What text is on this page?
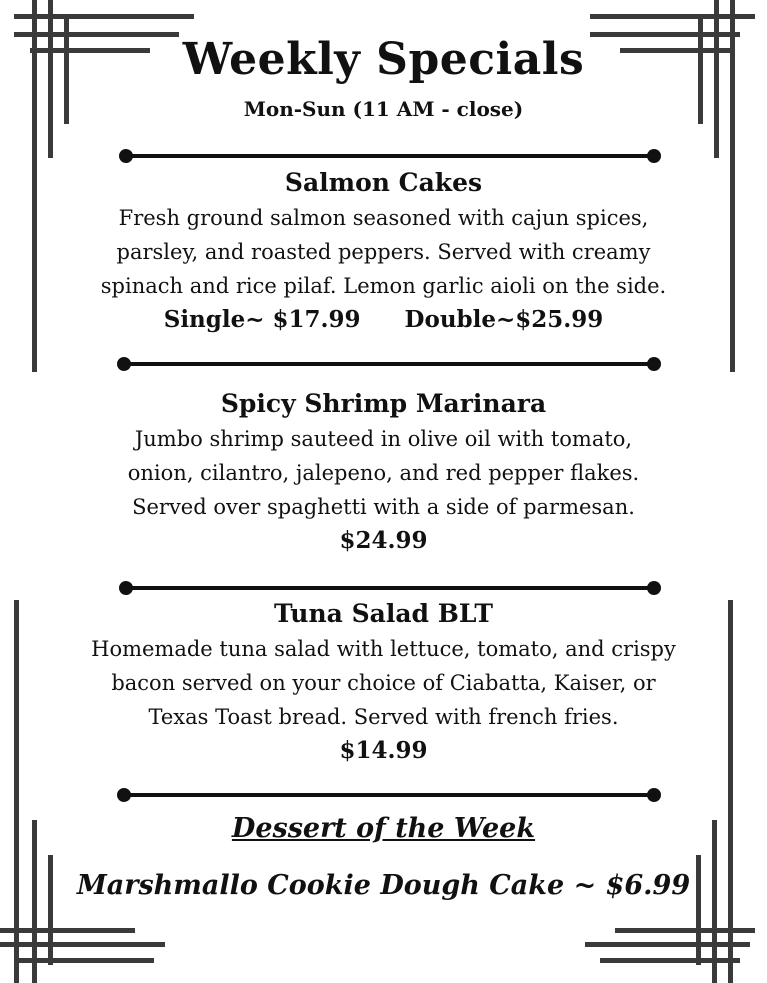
Weekly Specials
Mon-Sun (11 AM - close)
Salmon Cakes
Fresh ground salmon seasoned with cajun spices,
parsley, and roasted peppers. Served with creamy
spinach and rice pilaf. Lemon garlic aioli on the side.
Single~ $17.99 Double~$25.99
Spicy Shrimp Marinara
Jumbo shrimp sauteed in olive oil with tomato,
onion, cilantro, jalepeno, and red pepper flakes.
Served over spaghetti with a side of parmesan.
$24.99
Tuna Salad BLT
Homemade tuna salad with lettuce, tomato, and crispy
bacon served on your choice of Ciabatta, Kaiser, or
Texas Toast bread. Served with french fries.
$14.99
Dessert of the Week
Marshmallo Cookie Dough Cake ~ $6.99
